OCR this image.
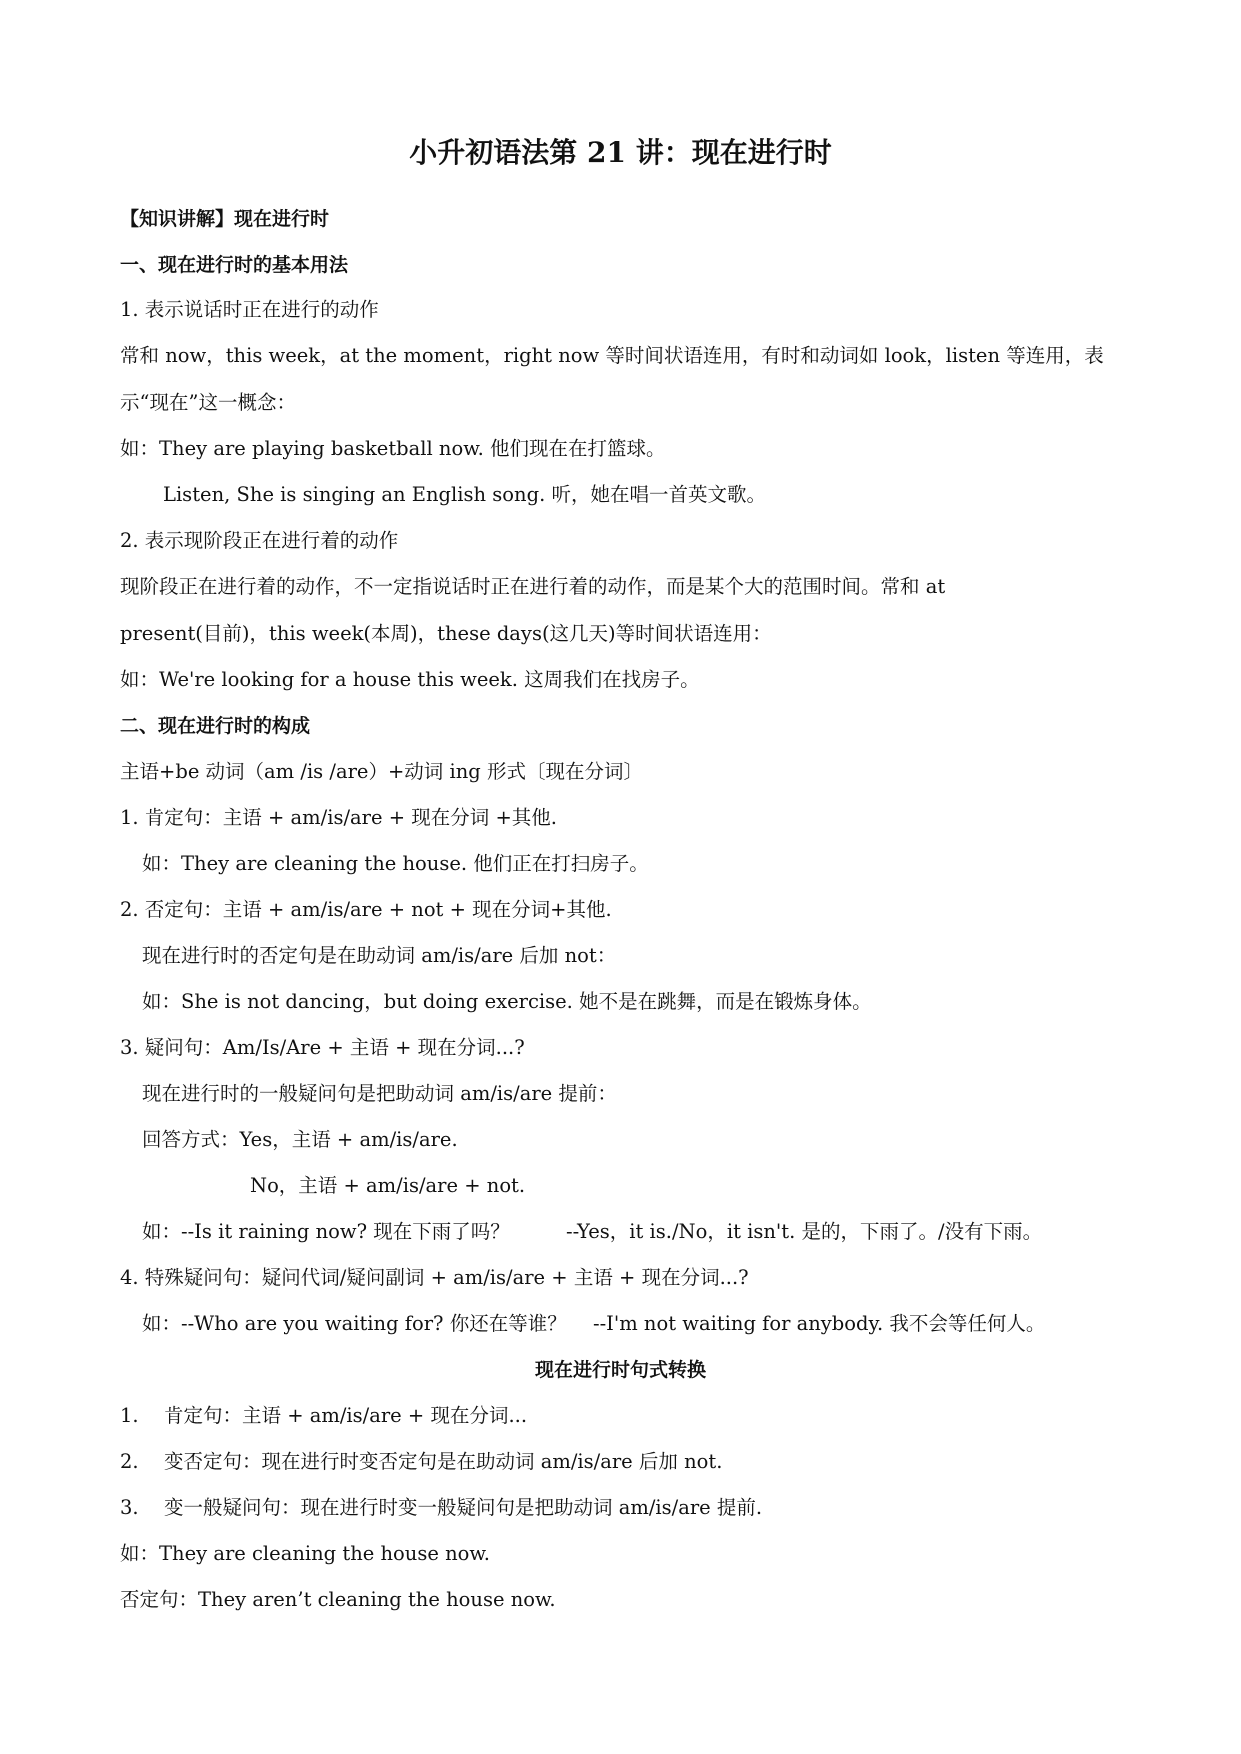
小升初语法第 21 讲：现在进行时
【知识讲解】现在进行时
一、现在进行时的基本用法
1. 表示说话时正在进行的动作
常和 now，this week，at the moment，right now 等时间状语连用，有时和动词如 look，listen 等连用，表
示“现在”这一概念：
如：They are playing basketball now. 他们现在在打篮球。
Listen, She is singing an English song. 听，她在唱一首英文歌。
2. 表示现阶段正在进行着的动作
现阶段正在进行着的动作，不一定指说话时正在进行着的动作，而是某个大的范围时间。常和 at
present(目前)，this week(本周)，these days(这几天)等时间状语连用：
如：We're looking for a house this week. 这周我们在找房子。
二、现在进行时的构成
主语+be 动词（am /is /are）+动词 ing 形式〔现在分词〕
1. 肯定句：主语 + am/is/are + 现在分词 +其他.
如：They are cleaning the house. 他们正在打扫房子。
2. 否定句：主语 + am/is/are + not + 现在分词+其他.
现在进行时的否定句是在助动词 am/is/are 后加 not：
如：She is not dancing，but doing exercise. 她不是在跳舞，而是在锻炼身体。
3. 疑问句：Am/Is/Are + 主语 + 现在分词...?
现在进行时的一般疑问句是把助动词 am/is/are 提前：
回答方式：Yes，主语 + am/is/are.
No，主语 + am/is/are + not.
如：--Is it raining now? 现在下雨了吗？	--Yes，it is./No，it isn't. 是的，下雨了。/没有下雨。
4. 特殊疑问句：疑问代词/疑问副词 + am/is/are + 主语 + 现在分词...?
如：--Who are you waiting for? 你还在等谁？ --I'm not waiting for anybody. 我不会等任何人。
现在进行时句式转换
1. 肯定句：主语 + am/is/are + 现在分词...
2. 变否定句：现在进行时变否定句是在助动词 am/is/are 后加 not.
3. 变一般疑问句：现在进行时变一般疑问句是把助动词 am/is/are 提前.
如：They are cleaning the house now.
否定句：They aren’t cleaning the house now.
